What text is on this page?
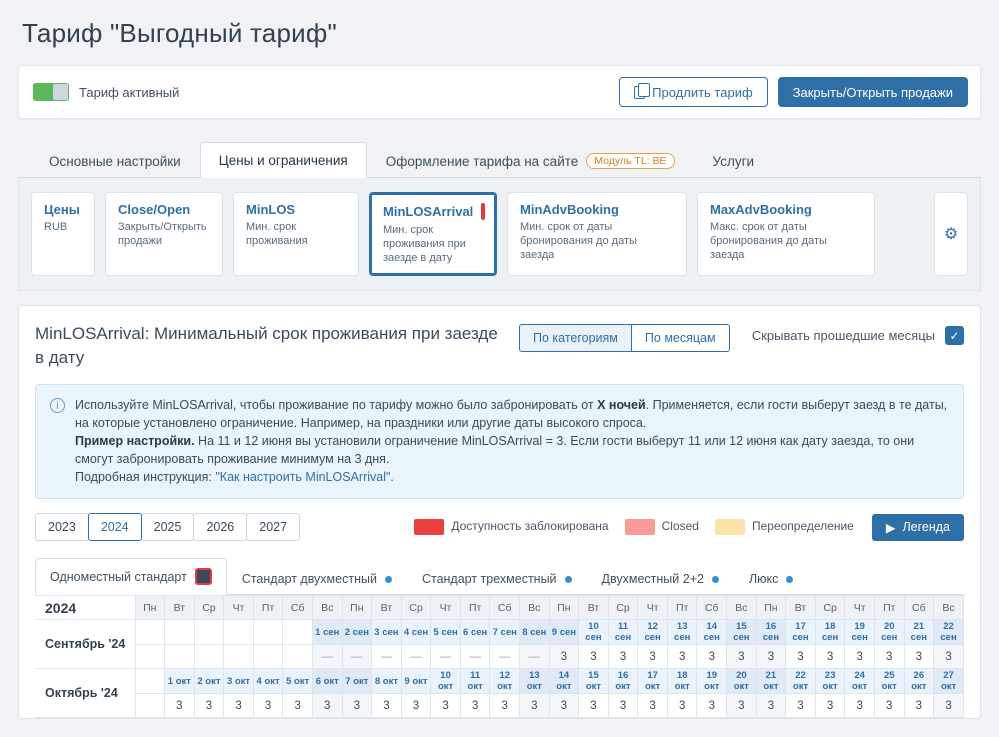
Тариф "Выгодный тариф"
Тариф активный	Продлить тариф	Закрыть/Открыть продажи
Основные настройки	Цены и ограничения	Оформление тарифа на сайте	Модуль TL: BE	Услуги
Цены
RUB
Close/Open
Закрыть/Открыть продажи
MinLOS
Мин. срок проживания
MinLOSArrival
Мин. срок проживания при заезде в дату
MinAdvBooking
Мин. срок от даты бронирования до даты заезда
MaxAdvBooking
Макс. срок от даты бронирования до даты заезда
⚙
MinLOSArrival: Минимальный срок проживания при заезде в дату
По категориям	По месяцам	Скрывать прошедшие месяцы	✓
i	Используйте MinLOSArrival, чтобы проживание по тарифу можно было забронировать от X ночей. Применяется, если гости выберут заезд в те даты, на которые установлено ограничение. Например, на праздники или другие даты высокого спроса.
Пример настройки. На 11 и 12 июня вы установили ограничение MinLOSArrival = 3. Если гости выберут 11 или 12 июня как дату заезда, то они смогут забронировать проживание минимум на 3 дня.
Подробная инструкция: "Как настроить MinLOSArrival".
2023	2024	2025	2026	2027	Доступность заблокирована	Closed	Переопределение	▶ Легенда
Одноместный стандарт	Стандарт двухместный	Стандарт трехместный	Двухместный 2+2	Люкс
2024	Пн	Вт	Ср	Чт	Пт	Сб	Вс	Пн	Вт	Ср	Чт	Пт	Сб	Вс	Пн	Вт	Ср	Чт	Пт	Сб	Вс	Пн	Вт	Ср	Чт	Пт	Сб	Вс
Сентябрь '24							1 сен	2 сен	3 сен	4 сен	5 сен	6 сен	7 сен	8 сен	9 сен	10 сен	11 сен	12 сен	13 сен	14 сен	15 сен	16 сен	17 сен	18 сен	19 сен	20 сен	21 сен	22 сен
							—	—	—	—	—	—	—	—	3	3	3	3	3	3	3	3	3	3	3	3	3	3
Октябрь '24		1 окт	2 окт	3 окт	4 окт	5 окт	6 окт	7 окт	8 окт	9 окт	10 окт	11 окт	12 окт	13 окт	14 окт	15 окт	16 окт	17 окт	18 окт	19 окт	20 окт	21 окт	22 окт	23 окт	24 окт	25 окт	26 окт	27 окт
		3	3	3	3	3	3	3	3	3	3	3	3	3	3	3	3	3	3	3	3	3	3	3	3	3	3	3
